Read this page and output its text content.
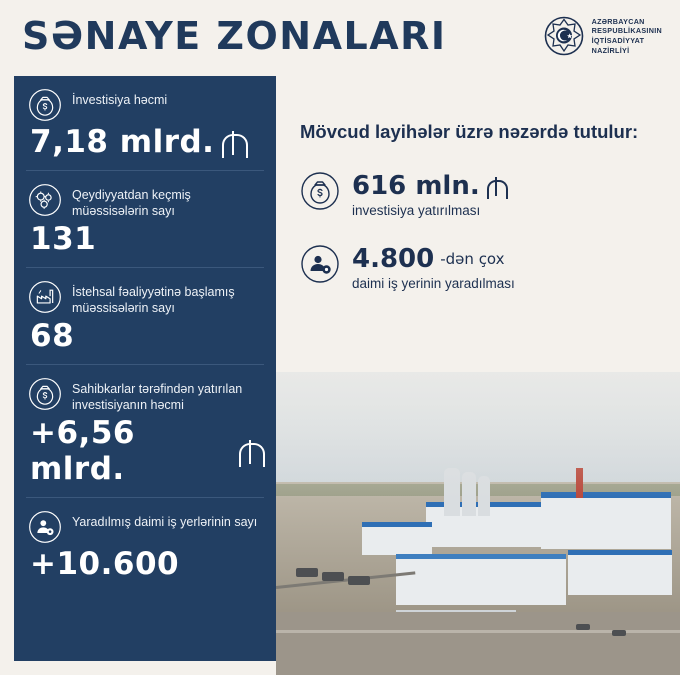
SƏNAYE ZONALARI	AZƏRBAYCAN
RESPUBLİKASININ
İQTİSADİYYAT
NAZİRLİYİ
Mövcud layihələr üzrə nəzərdə tutulur:
616 mln.
investisiya yatırılması
4.800 -dən çox
daimi iş yerinin yaradılması
İnvestisiya həcmi
7,18 mlrd.
Qeydiyyatdan keçmiş müəssisələrin sayı
131
İstehsal fəaliyyətinə başlamış müəssisələrin sayı
68
Sahibkarlar tərəfindən yatırılan investisiyanın həcmi
+6,56 mlrd.
Yaradılmış daimi iş yerlərinin sayı
+10.600
